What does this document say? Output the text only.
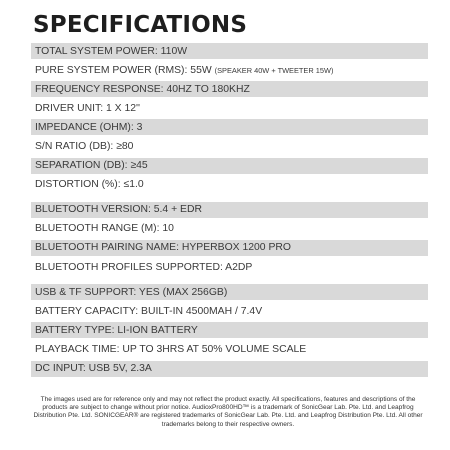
SPECIFICATIONS
TOTAL SYSTEM POWER: 110W
PURE SYSTEM POWER (RMS): 55W (SPEAKER 40W + TWEETER 15W)
FREQUENCY RESPONSE: 40HZ TO 180KHZ
DRIVER UNIT: 1 X 12''
IMPEDANCE (OHM): 3
S/N RATIO (DB): ≥80
SEPARATION (DB): ≥45
DISTORTION (%): ≤1.0
BLUETOOTH VERSION: 5.4 + EDR
BLUETOOTH RANGE (M): 10
BLUETOOTH PAIRING NAME: HYPERBOX 1200 PRO
BLUETOOTH PROFILES SUPPORTED: A2DP
USB & TF SUPPORT: YES (MAX 256GB)
BATTERY CAPACITY: BUILT-IN 4500MAH / 7.4V
BATTERY TYPE: LI-ION BATTERY
PLAYBACK TIME: UP TO 3HRS AT 50% VOLUME SCALE
DC INPUT: USB 5V, 2.3A
The images used are for reference only and may not reflect the product exactly. All specifications, features and descriptions of the products are subject to change without prior notice. AudioxPro800HD™ is a trademark of SonicGear Lab. Pte. Ltd. and Leapfrog Distribution Pte. Ltd. SONICGEAR® are registered trademarks of SonicGear Lab. Pte. Ltd. and Leapfrog Distribution Pte. Ltd. All other trademarks belong to their respective owners.
